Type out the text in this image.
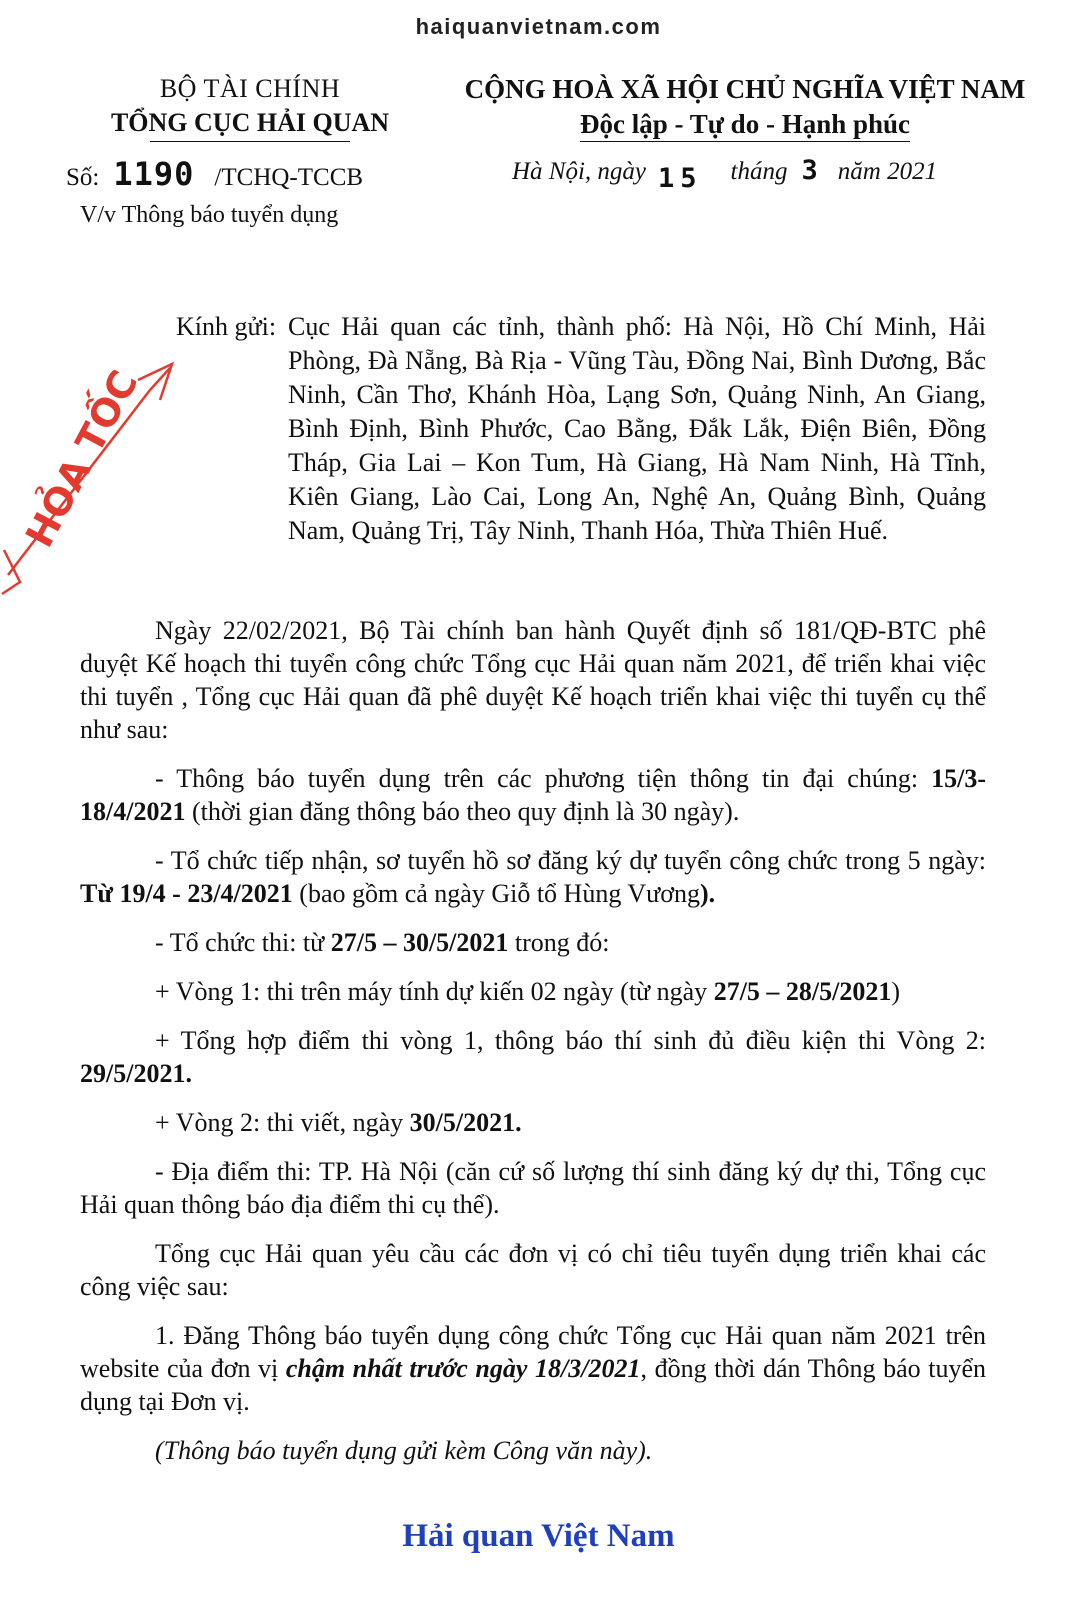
haiquanvietnam.com
BỘ TÀI CHÍNH
TỔNG CỤC HẢI QUAN
CỘNG HOÀ XÃ HỘI CHỦ NGHĨA VIỆT NAM
Độc lập - Tự do - Hạnh phúc
Số: 1190 /TCHQ-TCCB
V/v Thông báo tuyển dụng
Hà Nội, ngày 15 tháng 3 năm 2021
HỎA TỐC
Kính gửi: Cục Hải quan các tỉnh, thành phố: Hà Nội, Hồ Chí Minh, Hải Phòng, Đà Nẵng, Bà Rịa - Vũng Tàu, Đồng Nai, Bình Dương, Bắc Ninh, Cần Thơ, Khánh Hòa, Lạng Sơn, Quảng Ninh, An Giang, Bình Định, Bình Phước, Cao Bằng, Đắk Lắk, Điện Biên, Đồng Tháp, Gia Lai – Kon Tum, Hà Giang, Hà Nam Ninh, Hà Tĩnh, Kiên Giang, Lào Cai, Long An, Nghệ An, Quảng Bình, Quảng Nam, Quảng Trị, Tây Ninh, Thanh Hóa, Thừa Thiên Huế.

Ngày 22/02/2021, Bộ Tài chính ban hành Quyết định số 181/QĐ-BTC phê duyệt Kế hoạch thi tuyển công chức Tổng cục Hải quan năm 2021, để triển khai việc thi tuyển , Tổng cục Hải quan đã phê duyệt Kế hoạch triển khai việc thi tuyển cụ thể như sau:

- Thông báo tuyển dụng trên các phương tiện thông tin đại chúng: 15/3- 18/4/2021 (thời gian đăng thông báo theo quy định là 30 ngày).

- Tổ chức tiếp nhận, sơ tuyển hồ sơ đăng ký dự tuyển công chức trong 5 ngày: Từ 19/4 - 23/4/2021 (bao gồm cả ngày Giỗ tổ Hùng Vương).

- Tổ chức thi: từ 27/5 – 30/5/2021 trong đó:

+ Vòng 1: thi trên máy tính dự kiến 02 ngày (từ ngày 27/5 – 28/5/2021)

+ Tổng hợp điểm thi vòng 1, thông báo thí sinh đủ điều kiện thi Vòng 2: 29/5/2021.

+ Vòng 2: thi viết, ngày 30/5/2021.

- Địa điểm thi: TP. Hà Nội (căn cứ số lượng thí sinh đăng ký dự thi, Tổng cục Hải quan thông báo địa điểm thi cụ thể).

Tổng cục Hải quan yêu cầu các đơn vị có chỉ tiêu tuyển dụng triển khai các công việc sau:

1. Đăng Thông báo tuyển dụng công chức Tổng cục Hải quan năm 2021 trên website của đơn vị chậm nhất trước ngày 18/3/2021, đồng thời dán Thông báo tuyển dụng tại Đơn vị.

(Thông báo tuyển dụng gửi kèm Công văn này).

Hải quan Việt Nam
